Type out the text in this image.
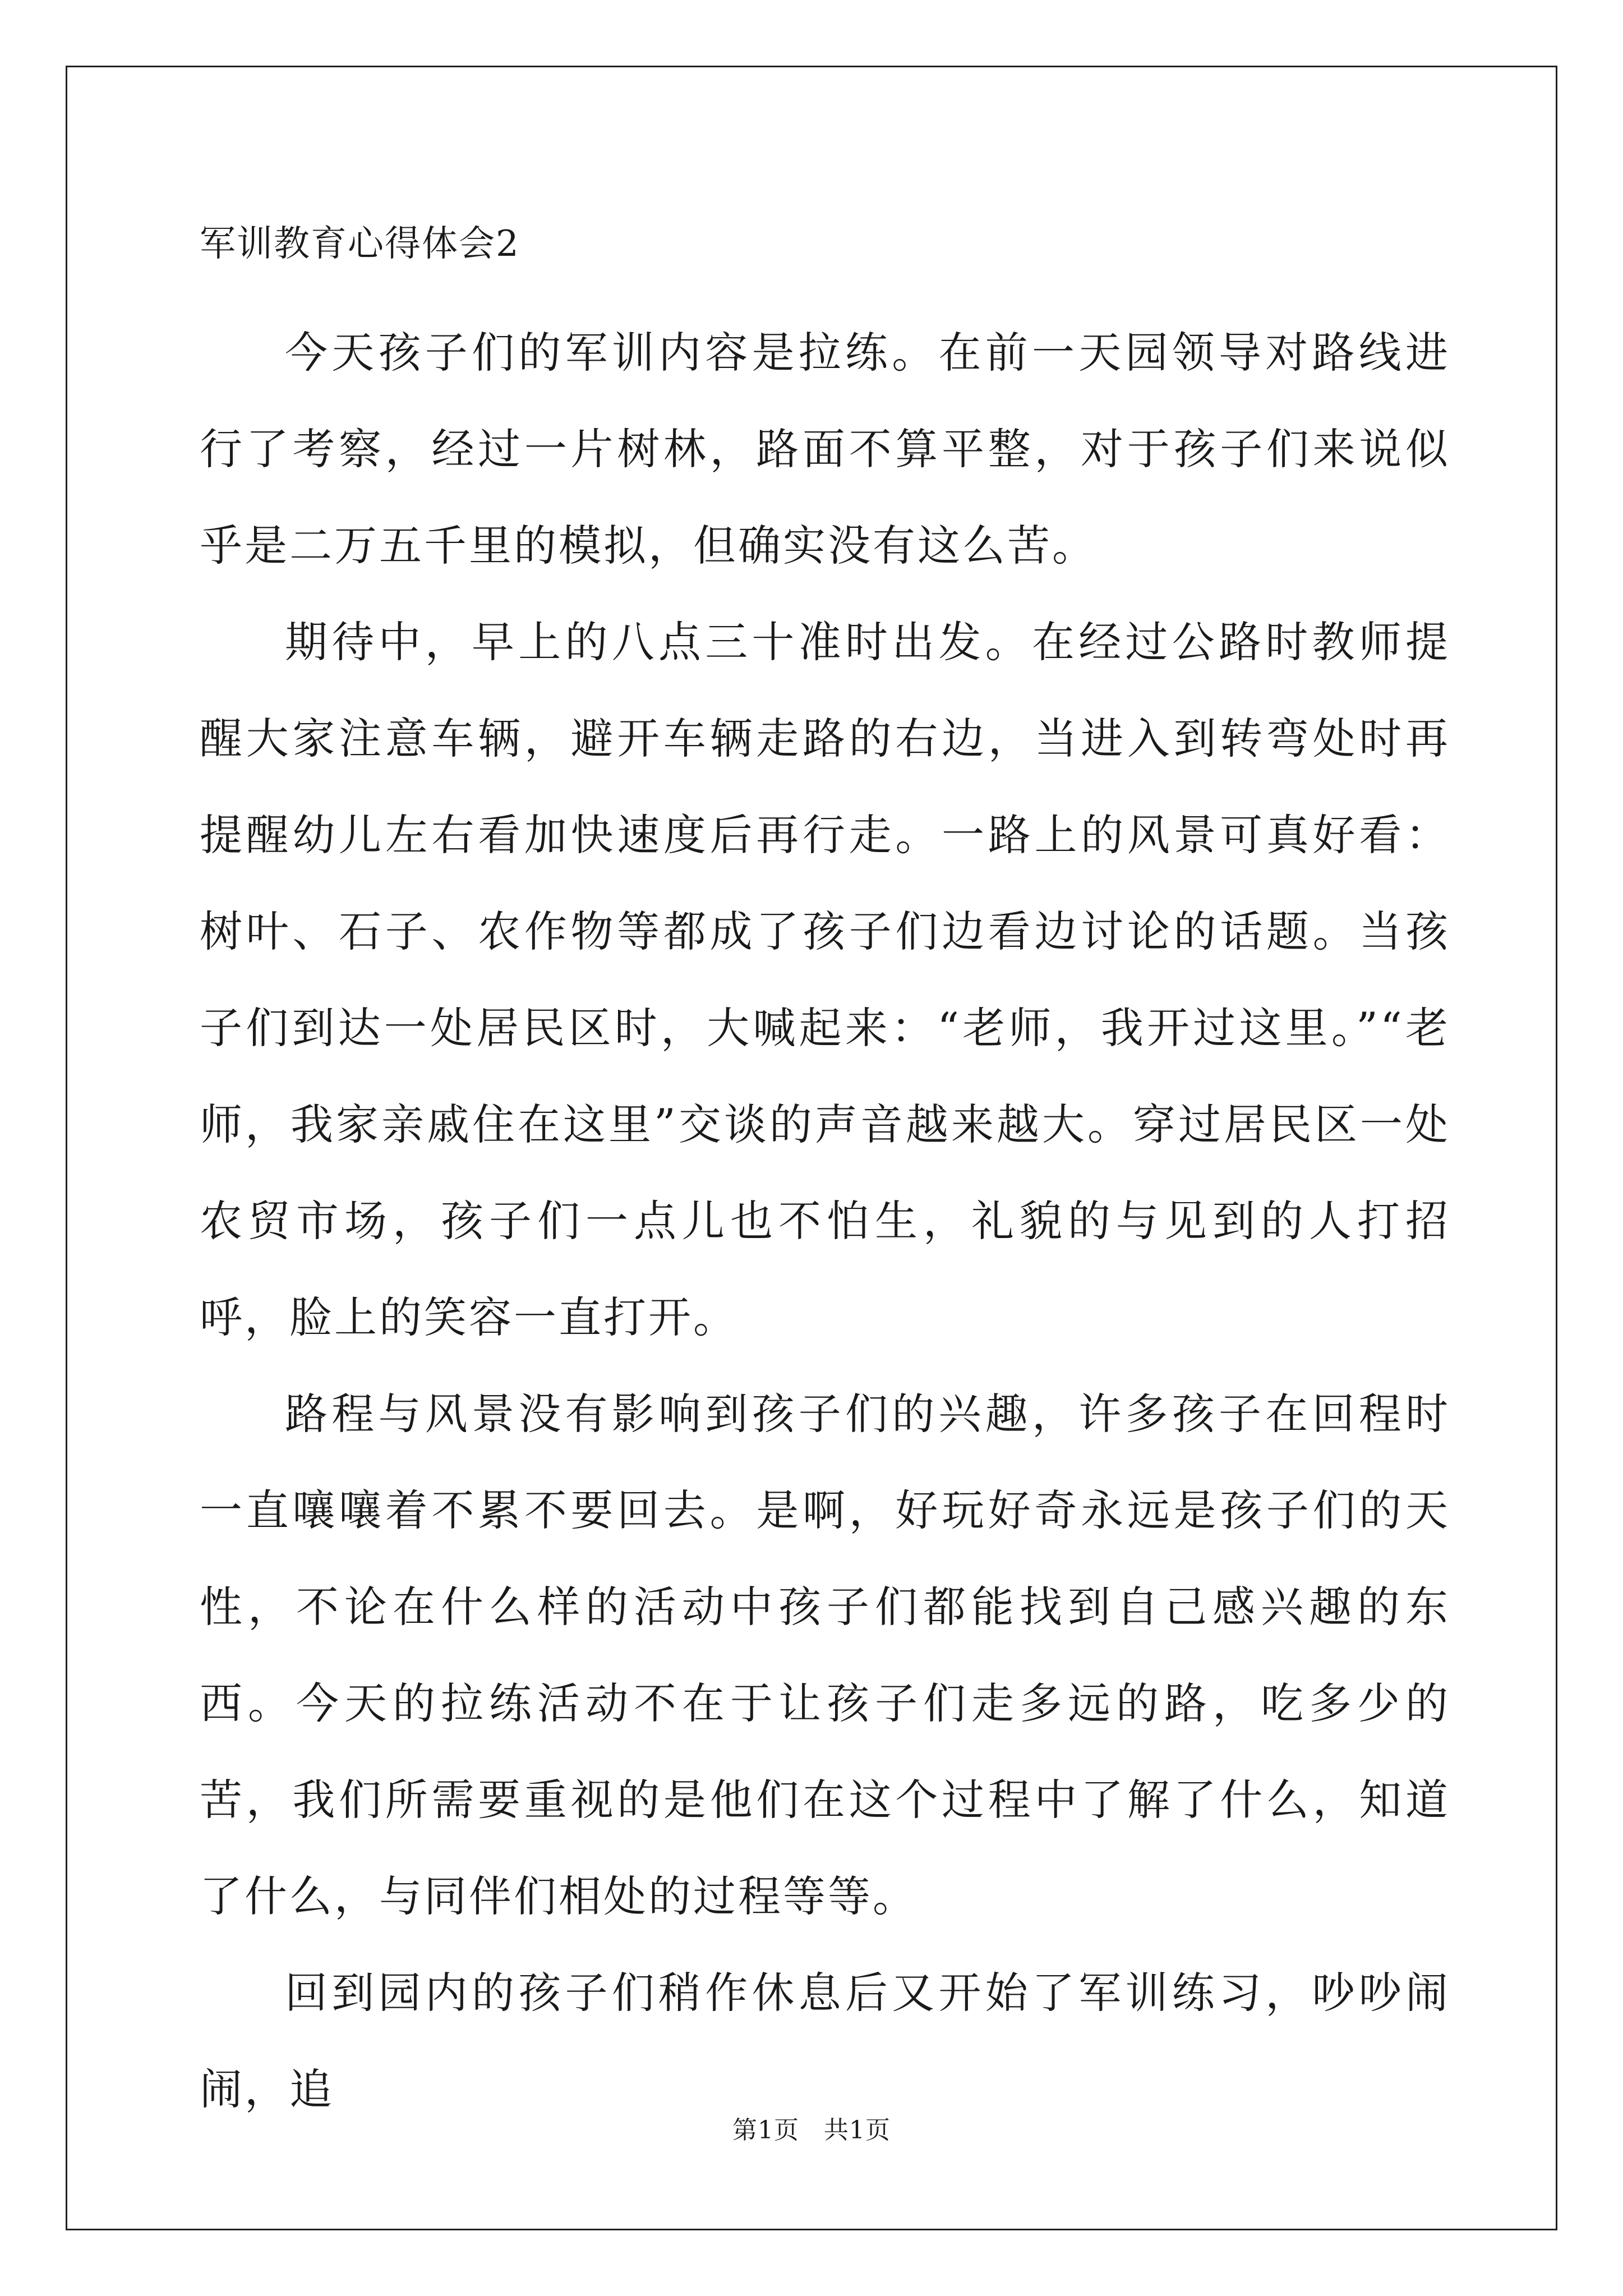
军训教育心得体会2

今天孩子们的军训内容是拉练。在前一天园领导对路线进行了考察，经过一片树林，路面不算平整，对于孩子们来说似乎是二万五千里的模拟，但确实没有这么苦。

期待中，早上的八点三十准时出发。在经过公路时教师提醒大家注意车辆，避开车辆走路的右边，当进入到转弯处时再提醒幼儿左右看加快速度后再行走。一路上的风景可真好看：树叶、石子、农作物等都成了孩子们边看边讨论的话题。当孩子们到达一处居民区时，大喊起来：“老师，我开过这里。”“老师，我家亲戚住在这里”交谈的声音越来越大。穿过居民区一处农贸市场，孩子们一点儿也不怕生，礼貌的与见到的人打招呼，脸上的笑容一直打开。

路程与风景没有影响到孩子们的兴趣，许多孩子在回程时一直嚷嚷着不累不要回去。是啊，好玩好奇永远是孩子们的天性，不论在什么样的活动中孩子们都能找到自己感兴趣的东西。今天的拉练活动不在于让孩子们走多远的路，吃多少的苦，我们所需要重视的是他们在这个过程中了解了什么，知道了什么，与同伴们相处的过程等等。

回到园内的孩子们稍作休息后又开始了军训练习，吵吵闹闹，追

第1页 共1页
